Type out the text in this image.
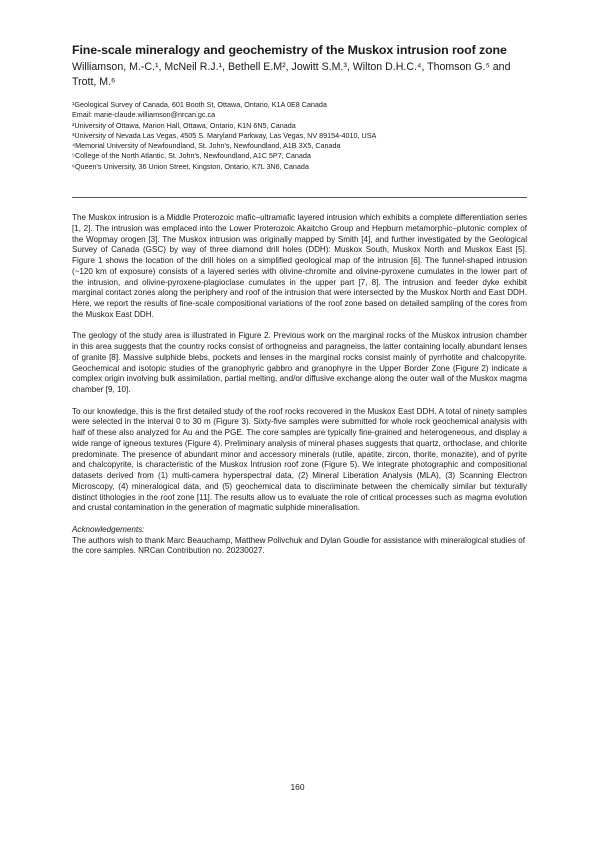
Fine-scale mineralogy and geochemistry of the Muskox intrusion roof zone
Williamson, M.-C.¹, McNeil R.J.¹, Bethell E.M², Jowitt S.M.³, Wilton D.H.C.⁴, Thomson G.⁵ and Trott, M.⁶
¹Geological Survey of Canada, 601 Booth St, Ottawa, Ontario, K1A 0E8 Canada
Email: marie-claude.williamson@nrcan.gc.ca
²University of Ottawa, Marion Hall, Ottawa, Ontario, K1N 6N5, Canada
³University of Nevada Las Vegas, 4505 S. Maryland Parkway, Las Vegas, NV 89154-4010, USA
⁴Memorial University of Newfoundland, St. John's, Newfoundland, A1B 3X5, Canada
⁵College of the North Atlantic, St. John's, Newfoundland, A1C 5P7, Canada
⁶Queen's University, 36 Union Street, Kingston, Ontario, K7L 3N6, Canada

The Muskox intrusion is a Middle Proterozoic mafic–ultramafic layered intrusion which exhibits a complete differentiation series [1, 2]. The intrusion was emplaced into the Lower Proterozoic Akaitcho Group and Hepburn metamorphic–plutonic complex of the Wopmay orogen [3]. The Muskox intrusion was originally mapped by Smith [4], and further investigated by the Geological Survey of Canada (GSC) by way of three diamond drill holes (DDH): Muskox South, Muskox North and Muskox East [5]. Figure 1 shows the location of the drill holes on a simplified geological map of the intrusion [6]. The funnel-shaped intrusion (~120 km of exposure) consists of a layered series with olivine-chromite and olivine-pyroxene cumulates in the lower part of the intrusion, and olivine-pyroxene-plagioclase cumulates in the upper part [7, 8]. The intrusion and feeder dyke exhibit marginal contact zones along the periphery and roof of the intrusion that were intersected by the Muskox North and East DDH. Here, we report the results of fine-scale compositional variations of the roof zone based on detailed sampling of the cores from the Muskox East DDH.

The geology of the study area is illustrated in Figure 2. Previous work on the marginal rocks of the Muskox intrusion chamber in this area suggests that the country rocks consist of orthogneiss and paragneiss, the latter containing locally abundant lenses of granite [8]. Massive sulphide blebs, pockets and lenses in the marginal rocks consist mainly of pyrrhotite and chalcopyrite. Geochemical and isotopic studies of the granophyric gabbro and granophyre in the Upper Border Zone (Figure 2) indicate a complex origin involving bulk assimilation, partial melting, and/or diffusive exchange along the outer wall of the Muskox magma chamber [9, 10].

To our knowledge, this is the first detailed study of the roof rocks recovered in the Muskox East DDH. A total of ninety samples were selected in the interval 0 to 30 m (Figure 3). Sixty-five samples were submitted for whole rock geochemical analysis with half of these also analyzed for Au and the PGE. The core samples are typically fine-grained and heterogeneous, and display a wide range of igneous textures (Figure 4). Preliminary analysis of mineral phases suggests that quartz, orthoclase, and chlorite predominate. The presence of abundant minor and accessory minerals (rutile, apatite, zircon, thorite, monazite), and of pyrite and chalcopyrite, is characteristic of the Muskox Intrusion roof zone (Figure 5). We integrate photographic and compositional datasets derived from (1) multi-camera hyperspectral data, (2) Mineral Liberation Analysis (MLA), (3) Scanning Electron Microscopy, (4) mineralogical data, and (5) geochemical data to discriminate between the chemically similar but texturally distinct lithologies in the roof zone [11]. The results allow us to evaluate the role of critical processes such as magma evolution and crustal contamination in the generation of magmatic sulphide mineralisation.

Acknowledgements:

The authors wish to thank Marc Beauchamp, Matthew Polivchuk and Dylan Goudie for assistance with mineralogical studies of the core samples. NRCan Contribution no. 20230027.

160
